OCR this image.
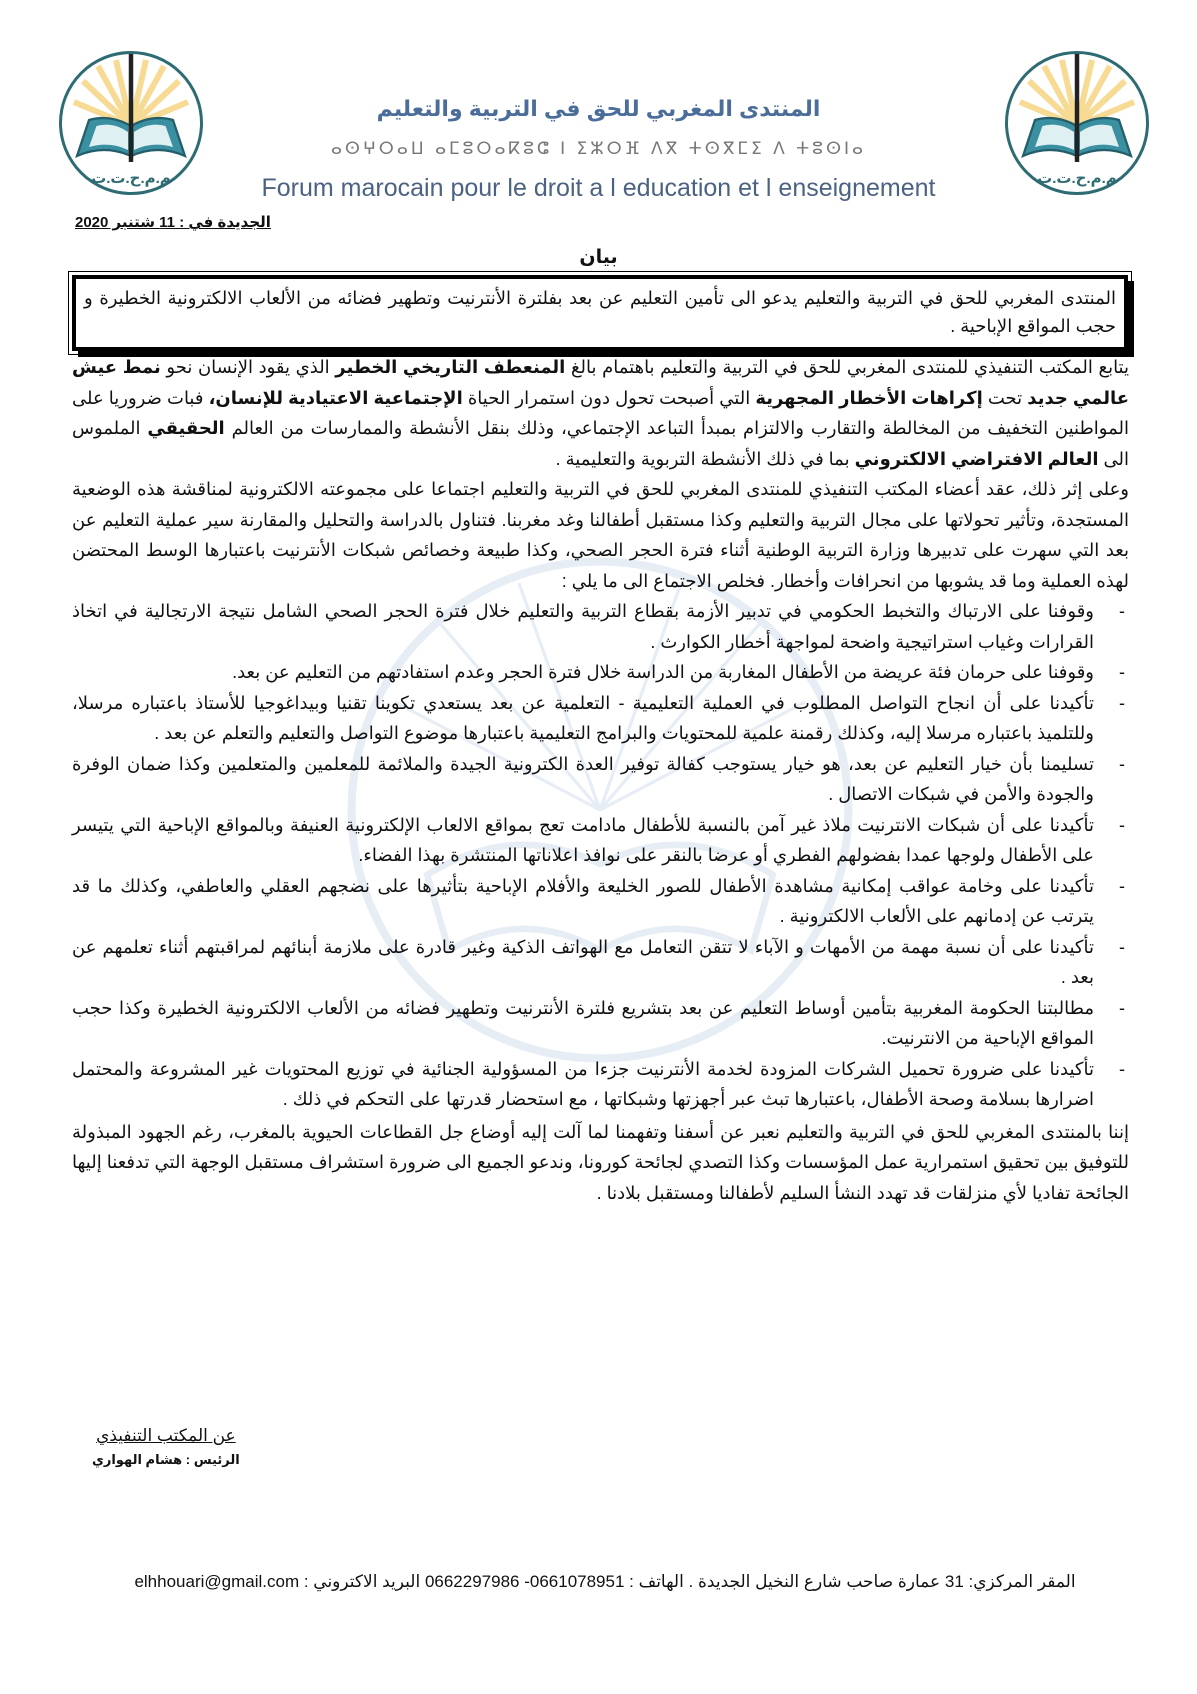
م.م.ح.ت.ت	م.م.ح.ت.ت
المنتدى المغربي للحق في التربية والتعليم
ⴰⵙⵖⵔⴰⵡ ⴰⵎⵓⵔⴰⴽⵓⵛ ⵏ ⵉⵣⵔⴼ ⴷⴳ ⵜⵙⴳⵎⵉ ⴷ ⵜⵓⵙⵏⴰ
Forum marocain pour le droit a l education et l enseignement
الجديدة في : 11 شتنبر 2020
بيان
المنتدى المغربي للحق في التربية والتعليم يدعو الى تأمين التعليم عن بعد بفلترة الأنترنيت وتطهير فضائه من الألعاب الالكترونية الخطيرة و حجب المواقع الإباحية .

يتابع المكتب التنفيذي للمنتدى المغربي للحق في التربية والتعليم باهتمام بالغ المنعطف التاريخي الخطير الذي يقود الإنسان نحو نمط عيش عالمي جديد تحت إكراهات الأخطار المجهرية التي أصبحت تحول دون استمرار الحياة الإجتماعية الاعتيادية للإنسان، فبات ضروريا على المواطنين التخفيف من المخالطة والتقارب والالتزام بمبدأ التباعد الإجتماعي، وذلك بنقل الأنشطة والممارسات من العالم الحقيقي الملموس الى العالم الافتراضي الالكتروني بما في ذلك الأنشطة التربوية والتعليمية .

وعلى إثر ذلك، عقد أعضاء المكتب التنفيذي للمنتدى المغربي للحق في التربية والتعليم اجتماعا على مجموعته الالكترونية لمناقشة هذه الوضعية المستجدة، وتأثير تحولاتها على مجال التربية والتعليم وكذا مستقبل أطفالنا وغد مغربنا. فتناول بالدراسة والتحليل والمقارنة سير عملية التعليم عن بعد التي سهرت على تدبيرها وزارة التربية الوطنية أثناء فترة الحجر الصحي، وكذا طبيعة وخصائص شبكات الأنترنيت باعتبارها الوسط المحتضن لهذه العملية وما قد يشوبها من انحرافات وأخطار. فخلص الاجتماع الى ما يلي :

-
وقوفنا على الارتباك والتخبط الحكومي في تدبير الأزمة بقطاع التربية والتعليم خلال فترة الحجر الصحي الشامل نتيجة الارتجالية في اتخاذ القرارات وغياب استراتيجية واضحة لمواجهة أخطار الكوارث .
-
وقوفنا على حرمان فئة عريضة من الأطفال المغاربة من الدراسة خلال فترة الحجر وعدم استفادتهم من التعليم عن بعد.
-
تأكيدنا على أن انجاح التواصل المطلوب في العملية التعليمية - التعلمية عن بعد يستعدي تكوينا تقنيا وبيداغوجيا للأستاذ باعتباره مرسلا، وللتلميذ باعتباره مرسلا إليه، وكذلك رقمنة علمية للمحتويات والبرامج التعليمية باعتبارها موضوع التواصل والتعليم والتعلم عن بعد .
-
تسليمنا بأن خيار التعليم عن بعد، هو خيار يستوجب كفالة توفير العدة الكترونية الجيدة والملائمة للمعلمين والمتعلمين وكذا ضمان الوفرة والجودة والأمن في شبكات الاتصال .
-
تأكيدنا على أن شبكات الانترنيت ملاذ غير آمن بالنسبة للأطفال مادامت تعج بمواقع الالعاب الإلكترونية العنيفة وبالمواقع الإباحية التي يتيسر على الأطفال ولوجها عمدا بفضولهم الفطري أو عرضا بالنقر على نوافذ اعلاناتها المنتشرة بهذا الفضاء.
-
تأكيدنا على وخامة عواقب إمكانية مشاهدة الأطفال للصور الخليعة والأفلام الإباحية بتأثيرها على نضجهم العقلي والعاطفي، وكذلك ما قد يترتب عن إدمانهم على الألعاب الالكترونية .
-
تأكيدنا على أن نسبة مهمة من الأمهات و الآباء لا تتقن التعامل مع الهواتف الذكية وغير قادرة على ملازمة أبنائهم لمراقبتهم أثناء تعلمهم عن بعد .
-
مطالبتنا الحكومة المغربية بتأمين أوساط التعليم عن بعد بتشريع فلترة الأنترنيت وتطهير فضائه من الألعاب الالكترونية الخطيرة وكذا حجب المواقع الإباحية من الانترنيت.
-
تأكيدنا على ضرورة تحميل الشركات المزودة لخدمة الأنترنيت جزءا من المسؤولية الجنائية في توزيع المحتويات غير المشروعة والمحتمل اضرارها بسلامة وصحة الأطفال، باعتبارها تبث عبر أجهزتها وشبكاتها ، مع استحضار قدرتها على التحكم في ذلك .

إننا بالمنتدى المغربي للحق في التربية والتعليم نعبر عن أسفنا وتفهمنا لما آلت إليه أوضاع جل القطاعات الحيوية بالمغرب، رغم الجهود المبذولة للتوفيق بين تحقيق استمرارية عمل المؤسسات وكذا التصدي لجائحة كورونا، وندعو الجميع الى ضرورة استشراف مستقبل الوجهة التي تدفعنا إليها الجائحة تفاديا لأي منزلقات قد تهدد النشأ السليم لأطفالنا ومستقبل بلادنا .

عن المكتب التنفيذي
الرئيس : هشام الهواري
المقر المركزي: 31 عمارة صاحب شارع النخيل الجديدة . الهاتف : 0661078951- 0662297986 البريد الاكتروني : elhhouari@gmail.com
